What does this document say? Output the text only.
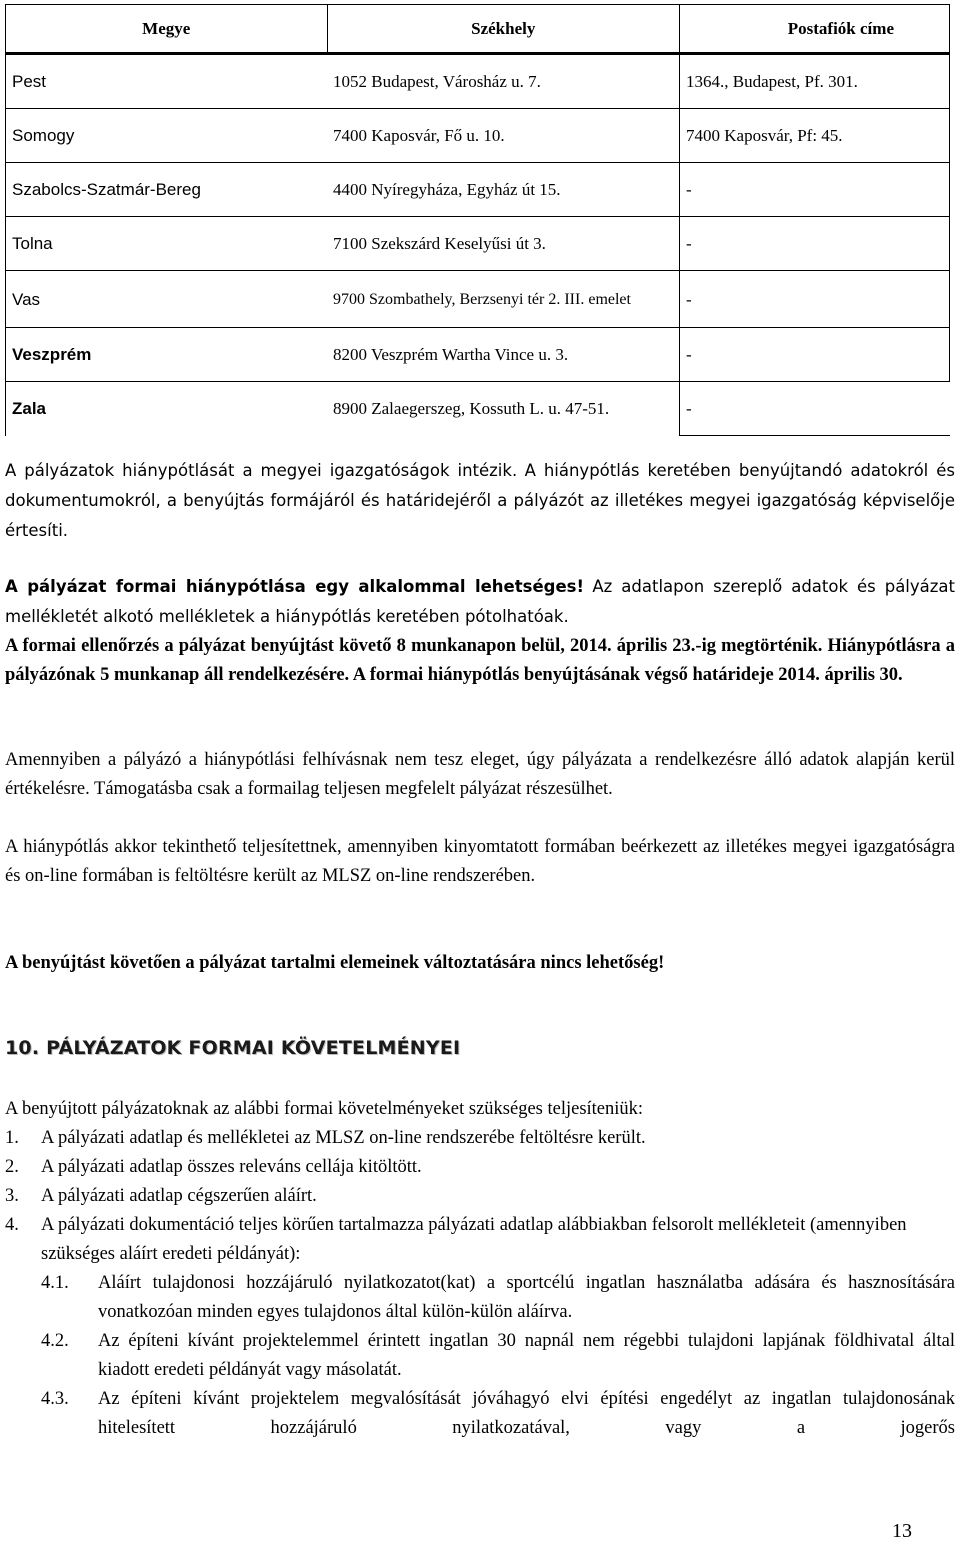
Megye	Székhely	Postafiók címe
Pest	1052 Budapest, Városház u. 7.	1364., Budapest, Pf. 301.
Somogy	7400 Kaposvár, Fő u. 10.	7400 Kaposvár, Pf: 45.
Szabolcs-Szatmár-Bereg	4400 Nyíregyháza, Egyház út 15.	-
Tolna	7100 Szekszárd Keselyűsi út 3.	-
Vas	9700 Szombathely, Berzsenyi tér 2. III. emelet	-
Veszprém	8200 Veszprém Wartha Vince u. 3.	-
Zala	8900 Zalaegerszeg, Kossuth L. u. 47-51.	-
A pályázatok hiánypótlását a megyei igazgatóságok intézik. A hiánypótlás keretében benyújtandó adatokról és dokumentumokról, a benyújtás formájáról és határidejéről a pályázót az illetékes megyei igazgatóság képviselője értesíti.
A pályázat formai hiánypótlása egy alkalommal lehetséges! Az adatlapon szereplő adatok és pályázat mellékletét alkotó mellékletek a hiánypótlás keretében pótolhatóak.
A formai ellenőrzés a pályázat benyújtást követő 8 munkanapon belül, 2014. április 23.-ig megtörténik. Hiánypótlásra a pályázónak 5 munkanap áll rendelkezésére. A formai hiánypótlás benyújtásának végső határideje 2014. április 30.
Amennyiben a pályázó a hiánypótlási felhívásnak nem tesz eleget, úgy pályázata a rendelkezésre álló adatok alapján kerül értékelésre. Támogatásba csak a formailag teljesen megfelelt pályázat részesülhet.
A hiánypótlás akkor tekinthető teljesítettnek, amennyiben kinyomtatott formában beérkezett az illetékes megyei igazgatóságra és on-line formában is feltöltésre került az MLSZ on-line rendszerében.
A benyújtást követően a pályázat tartalmi elemeinek változtatására nincs lehetőség!
10. PÁLYÁZATOK FORMAI KÖVETELMÉNYEI
A benyújtott pályázatoknak az alábbi formai követelményeket szükséges teljesíteniük:
1. A pályázati adatlap és mellékletei az MLSZ on-line rendszerébe feltöltésre került.
2. A pályázati adatlap összes releváns cellája kitöltött.
3. A pályázati adatlap cégszerűen aláírt.
4. A pályázati dokumentáció teljes körűen tartalmazza pályázati adatlap alábbiakban felsorolt mellékleteit (amennyiben szükséges aláírt eredeti példányát):
4.1. Aláírt tulajdonosi hozzájáruló nyilatkozatot(kat) a sportcélú ingatlan használatba adására és hasznosítására vonatkozóan minden egyes tulajdonos által külön-külön aláírva.
4.2. Az építeni kívánt projektelemmel érintett ingatlan 30 napnál nem régebbi tulajdoni lapjának földhivatal által kiadott eredeti példányát vagy másolatát.
4.3. Az építeni kívánt projektelem megvalósítását jóváhagyó elvi építési engedélyt az ingatlan tulajdonosának hitelesített hozzájáruló nyilatkozatával, vagy a jogerős
13
